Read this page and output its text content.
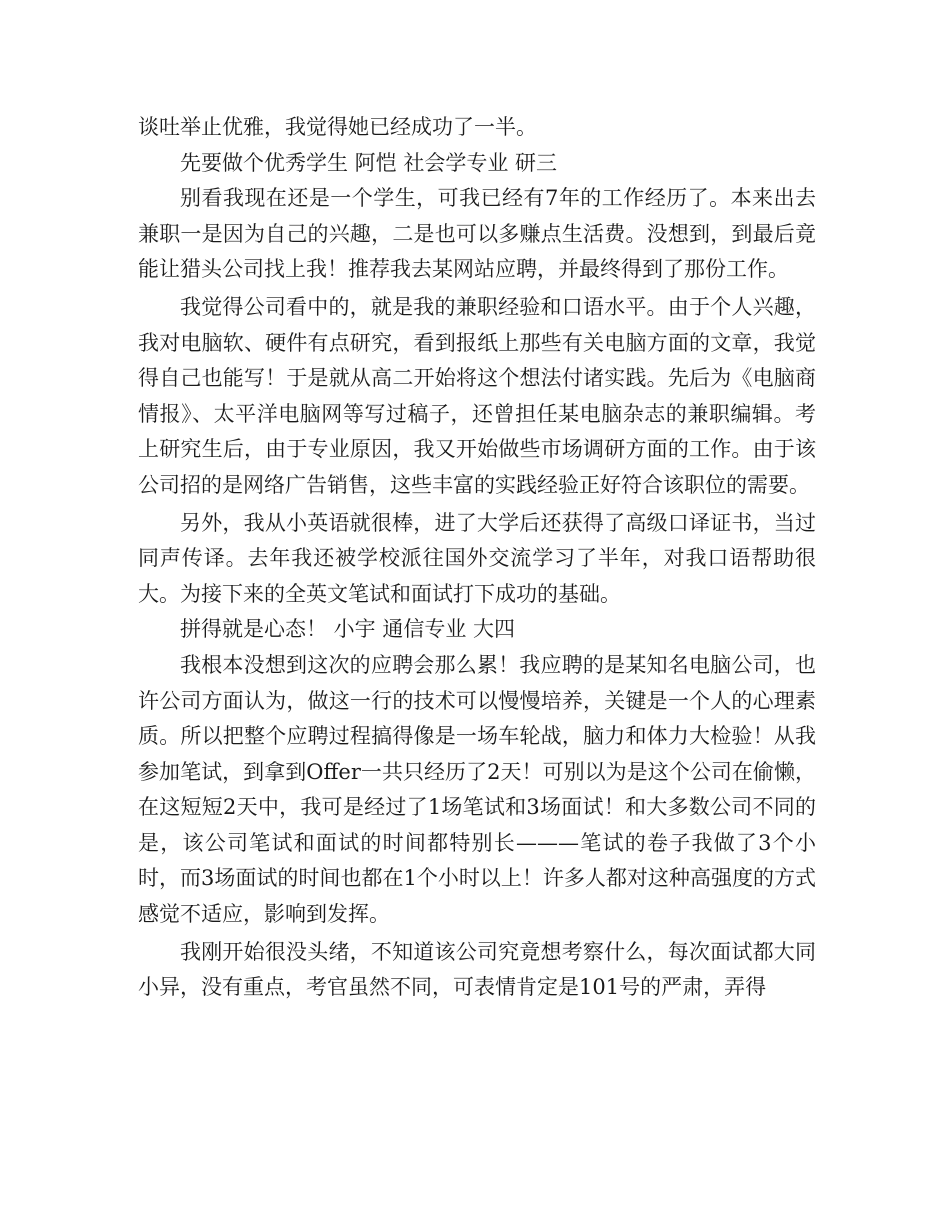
谈吐举止优雅，我觉得她已经成功了一半。

先要做个优秀学生 阿恺 社会学专业 研三

别看我现在还是一个学生，可我已经有7年的工作经历了。本来出去兼职一是因为自己的兴趣，二是也可以多赚点生活费。没想到，到最后竟能让猎头公司找上我！推荐我去某网站应聘，并最终得到了那份工作。

我觉得公司看中的，就是我的兼职经验和口语水平。由于个人兴趣，我对电脑软、硬件有点研究，看到报纸上那些有关电脑方面的文章，我觉得自己也能写！于是就从高二开始将这个想法付诸实践。先后为《电脑商情报》、太平洋电脑网等写过稿子，还曾担任某电脑杂志的兼职编辑。考上研究生后，由于专业原因，我又开始做些市场调研方面的工作。由于该公司招的是网络广告销售，这些丰富的实践经验正好符合该职位的需要。

另外，我从小英语就很棒，进了大学后还获得了高级口译证书，当过同声传译。去年我还被学校派往国外交流学习了半年，对我口语帮助很大。为接下来的全英文笔试和面试打下成功的基础。

拼得就是心态！ 小宇 通信专业 大四

我根本没想到这次的应聘会那么累！我应聘的是某知名电脑公司，也许公司方面认为，做这一行的技术可以慢慢培养，关键是一个人的心理素质。所以把整个应聘过程搞得像是一场车轮战，脑力和体力大检验！从我参加笔试，到拿到Offer一共只经历了2天！可别以为是这个公司在偷懒，在这短短2天中，我可是经过了1场笔试和3场面试！和大多数公司不同的是，该公司笔试和面试的时间都特别长———笔试的卷子我做了3个小时，而3场面试的时间也都在1个小时以上！许多人都对这种高强度的方式感觉不适应，影响到发挥。

我刚开始很没头绪，不知道该公司究竟想考察什么，每次面试都大同小异，没有重点，考官虽然不同，可表情肯定是101号的严肃，弄得
